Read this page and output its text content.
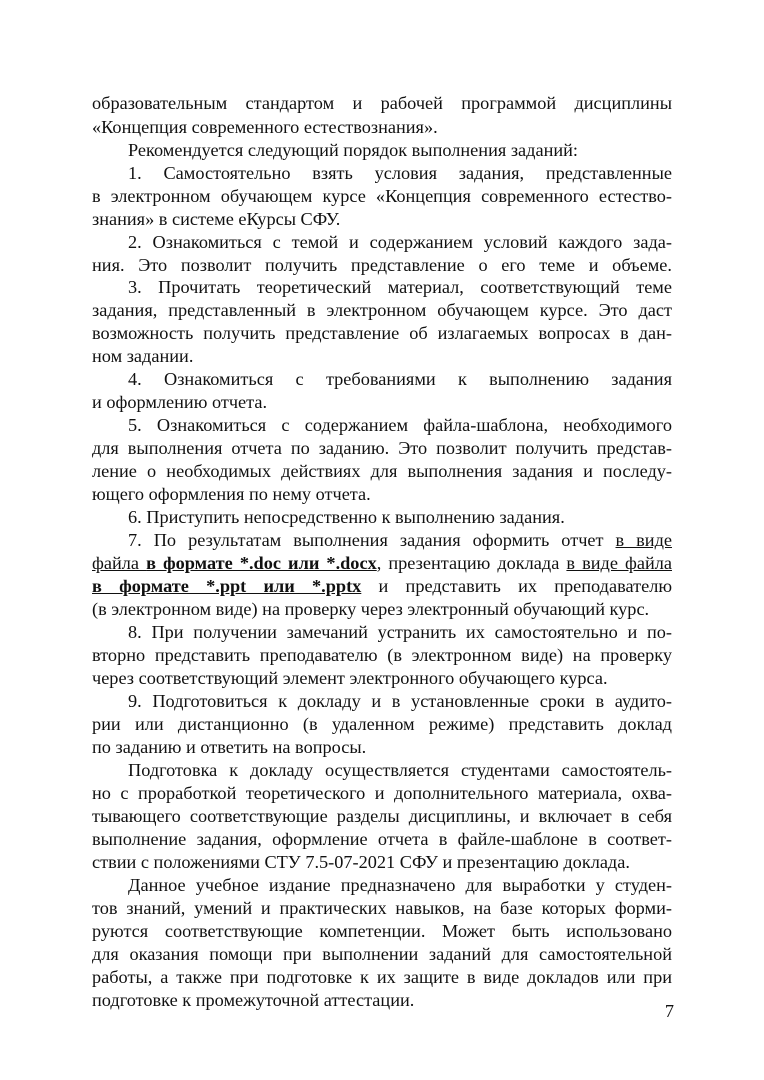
образовательным стандартом и рабочей программой дисциплины
«Концепция современного естествознания».
Рекомендуется следующий порядок выполнения заданий:
1. Самостоятельно взять условия задания, представленные
в электронном обучающем курсе «Концепция современного естество-
знания» в системе еКурсы СФУ.
2. Ознакомиться с темой и содержанием условий каждого зада-
ния. Это позволит получить представление о его теме и объеме.
3. Прочитать теоретический материал, соответствующий теме
задания, представленный в электронном обучающем курсе. Это даст
возможность получить представление об излагаемых вопросах в дан-
ном задании.
4. Ознакомиться с требованиями к выполнению задания
и оформлению отчета.
5. Ознакомиться с содержанием файла-шаблона, необходимого
для выполнения отчета по заданию. Это позволит получить представ-
ление о необходимых действиях для выполнения задания и последу-
ющего оформления по нему отчета.
6. Приступить непосредственно к выполнению задания.
7. По результатам выполнения задания оформить отчет в виде
файла в формате *.doc или *.docx, презентацию доклада в виде файла
в формате *.ppt или *.pptx и представить их преподавателю
(в электронном виде) на проверку через электронный обучающий курс.
8. При получении замечаний устранить их самостоятельно и по-
вторно представить преподавателю (в электронном виде) на проверку
через соответствующий элемент электронного обучающего курса.
9. Подготовиться к докладу и в установленные сроки в аудито-
рии или дистанционно (в удаленном режиме) представить доклад
по заданию и ответить на вопросы.
Подготовка к докладу осуществляется студентами самостоятель-
но с проработкой теоретического и дополнительного материала, охва-
тывающего соответствующие разделы дисциплины, и включает в себя
выполнение задания, оформление отчета в файле-шаблоне в соответ-
ствии с положениями СТУ 7.5-07-2021 СФУ и презентацию доклада.
Данное учебное издание предназначено для выработки у студен-
тов знаний, умений и практических навыков, на базе которых форми-
руются соответствующие компетенции. Может быть использовано
для оказания помощи при выполнении заданий для самостоятельной
работы, а также при подготовке к их защите в виде докладов или при
подготовке к промежуточной аттестации.
7
